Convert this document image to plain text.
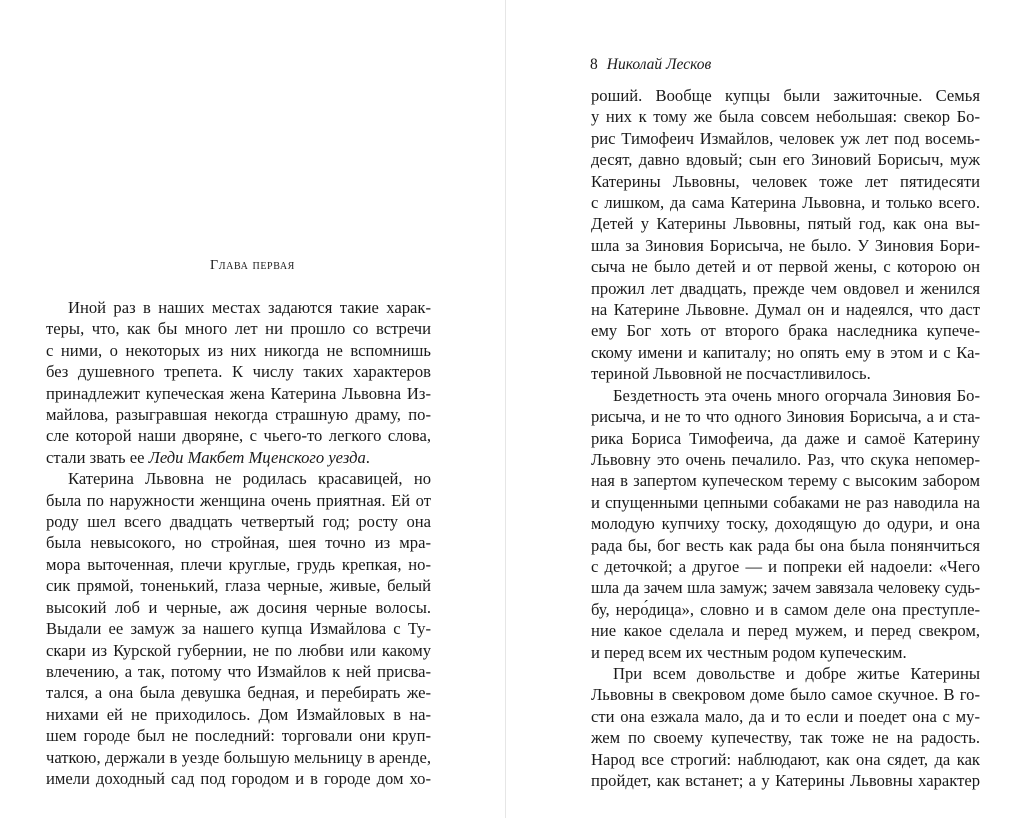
Глава первая
Иной раз в наших местах задаются такие харак-
теры, что, как бы много лет ни прошло со встречи
с ними, о некоторых из них никогда не вспомнишь
без душевного трепета. К числу таких характеров
принадлежит купеческая жена Катерина Львовна Из-
майлова, разыгравшая некогда страшную драму, по-
сле которой наши дворяне, с чьего-то легкого слова,
стали звать ее Леди Макбет Мценского уезда.
Катерина Львовна не родилась красавицей, но
была по наружности женщина очень приятная. Ей от
роду шел всего двадцать четвертый год; росту она
была невысокого, но стройная, шея точно из мра-
мора выточенная, плечи круглые, грудь крепкая, но-
сик прямой, тоненький, глаза черные, живые, белый
высокий лоб и черные, аж досиня черные волосы.
Выдали ее замуж за нашего купца Измайлова с Ту-
скари из Курской губернии, не по любви или какому
влечению, а так, потому что Измайлов к ней присва-
тался, а она была девушка бедная, и перебирать же-
нихами ей не приходилось. Дом Измайловых в на-
шем городе был не последний: торговали они круп-
чаткою, держали в уезде большую мельницу в аренде,
имели доходный сад под городом и в городе дом хо-
8 Николай Лесков
роший. Вообще купцы были зажиточные. Семья
у них к тому же была совсем небольшая: свекор Бо-
рис Тимофеич Измайлов, человек уж лет под восемь-
десят, давно вдовый; сын его Зиновий Борисыч, муж
Катерины Львовны, человек тоже лет пятидесяти
с лишком, да сама Катерина Львовна, и только всего.
Детей у Катерины Львовны, пятый год, как она вы-
шла за Зиновия Борисыча, не было. У Зиновия Бори-
сыча не было детей и от первой жены, с которою он
прожил лет двадцать, прежде чем овдовел и женился
на Катерине Львовне. Думал он и надеялся, что даст
ему Бог хоть от второго брака наследника купече-
скому имени и капиталу; но опять ему в этом и с Ка-
териной Львовной не посчастливилось.
Бездетность эта очень много огорчала Зиновия Бо-
рисыча, и не то что одного Зиновия Борисыча, а и ста-
рика Бориса Тимофеича, да даже и самоё Катерину
Львовну это очень печалило. Раз, что скука непомер-
ная в запертом купеческом терему с высоким забором
и спущенными цепными собаками не раз наводила на
молодую купчиху тоску, доходящую до одури, и она
рада бы, бог весть как рада бы она была понянчиться
с деточкой; а другое — и попреки ей надоели: «Чего
шла да зачем шла замуж; зачем завязала человеку судь-
бу, неро́дица», словно и в самом деле она преступле-
ние какое сделала и перед мужем, и перед свекром,
и перед всем их честным родом купеческим.
При всем довольстве и добре житье Катерины
Львовны в свекровом доме было самое скучное. В го-
сти она езжала мало, да и то если и поедет она с му-
жем по своему купечеству, так тоже не на радость.
Народ все строгий: наблюдают, как она сядет, да как
пройдет, как встанет; а у Катерины Львовны характер
